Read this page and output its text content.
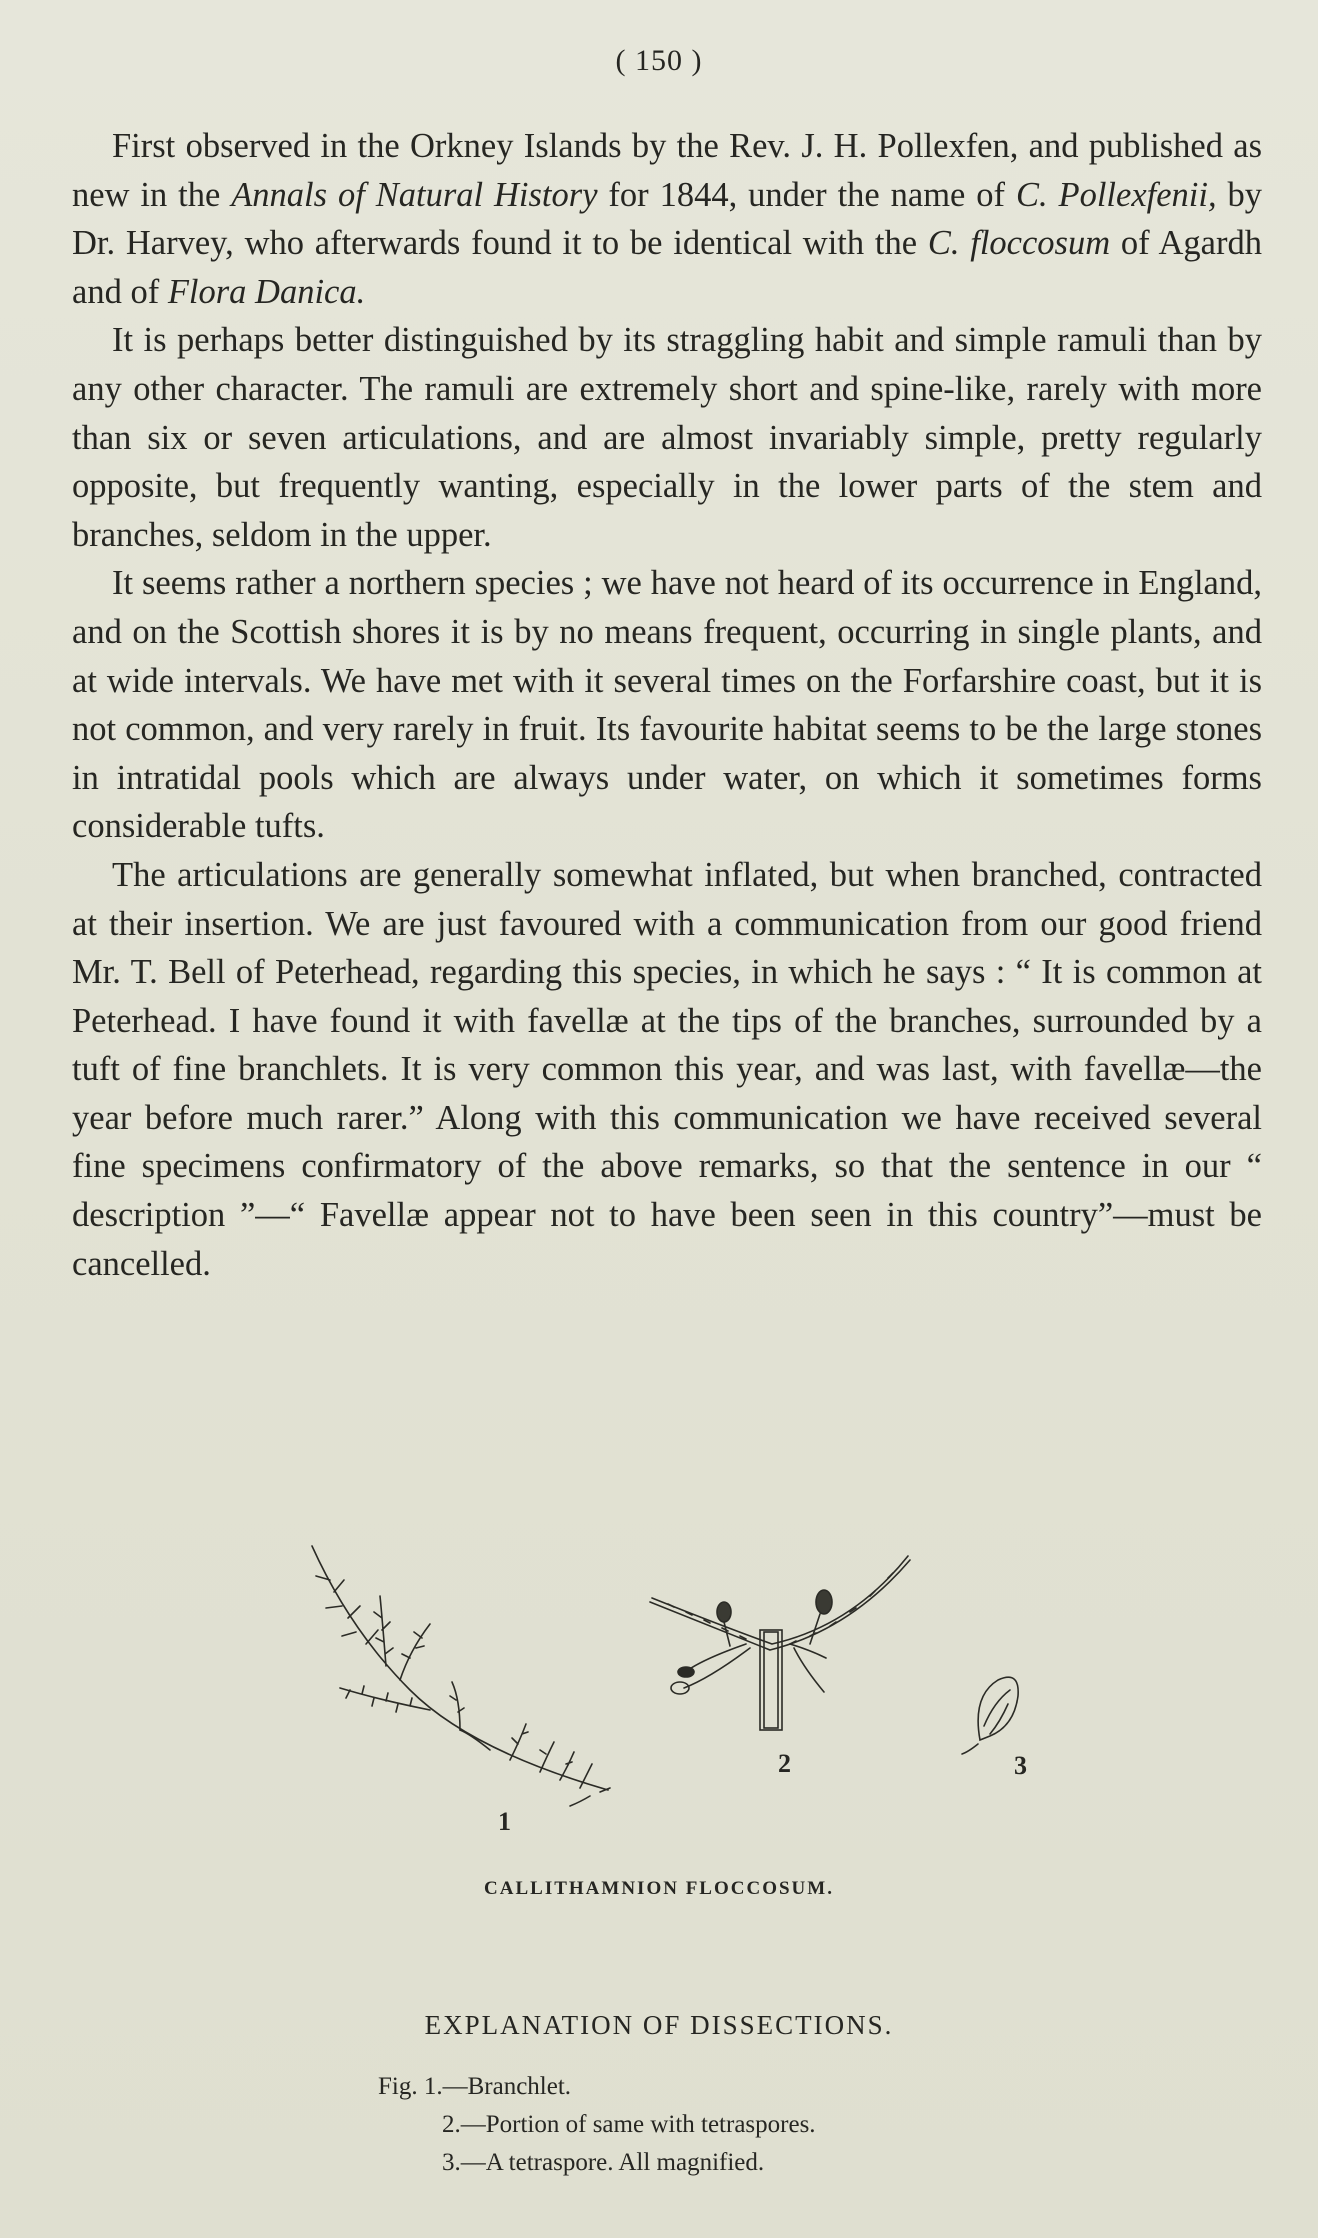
( 150 )

First observed in the Orkney Islands by the Rev. J. H. Pollexfen, and published as new in the Annals of Natural History for 1844, under the name of C. Pollexfenii, by Dr. Harvey, who afterwards found it to be identical with the C. floccosum of Agardh and of Flora Danica.

It is perhaps better distinguished by its straggling habit and simple ramuli than by any other character. The ramuli are extremely short and spine-like, rarely with more than six or seven articulations, and are almost invariably simple, pretty regularly opposite, but frequently wanting, especially in the lower parts of the stem and branches, seldom in the upper.

It seems rather a northern species ; we have not heard of its occurrence in England, and on the Scottish shores it is by no means frequent, occurring in single plants, and at wide intervals. We have met with it several times on the Forfarshire coast, but it is not common, and very rarely in fruit. Its favourite habitat seems to be the large stones in intratidal pools which are always under water, on which it sometimes forms considerable tufts.

The articulations are generally somewhat inflated, but when branched, contracted at their insertion. We are just favoured with a communication from our good friend Mr. T. Bell of Peterhead, regarding this species, in which he says : “ It is common at Peterhead. I have found it with favellæ at the tips of the branches, surrounded by a tuft of fine branchlets. It is very common this year, and was last, with favellæ—the year before much rarer.” Along with this communication we have received several fine specimens confirmatory of the above remarks, so that the sentence in our “ description ”—“ Favellæ appear not to have been seen in this country”—must be cancelled.

1
2	3
CALLITHAMNION FLOCCOSUM.
EXPLANATION OF DISSECTIONS.
Fig. 1.—Branchlet.
2.—Portion of same with tetraspores.
3.—A tetraspore. All magnified.
